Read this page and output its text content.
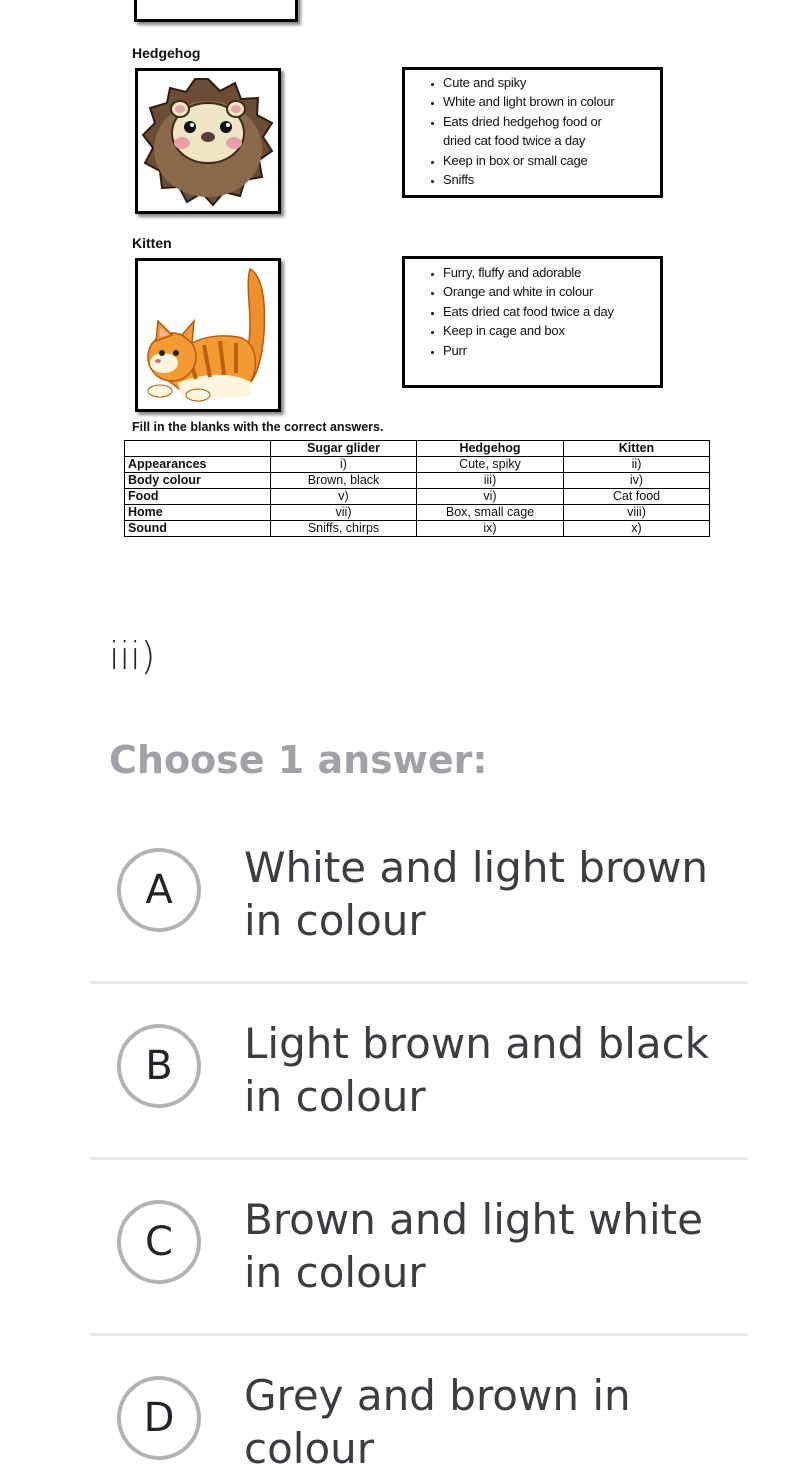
Hedgehog
• Cute and spiky
• White and light brown in colour
• Eats dried hedgehog food or dried cat food twice a day
• Keep in box or small cage
• Sniffs
Kitten
• Furry, fluffy and adorable
• Orange and white in colour
• Eats dried cat food twice a day
• Keep in cage and box
• Purr
Fill in the blanks with the correct answers.
	Sugar glider	Hedgehog	Kitten
Appearances	i)	Cute, spiky	ii)
Body colour	Brown, black	iii)	iv)
Food	v)	vi)	Cat food
Home	vii)	Box, small cage	viii)
Sound	Sniffs, chirps	ix)	x)
iii)
Choose 1 answer:
A	White and light brown in colour
B	Light brown and black in colour
C	Brown and light white in colour
D	Grey and brown in colour
